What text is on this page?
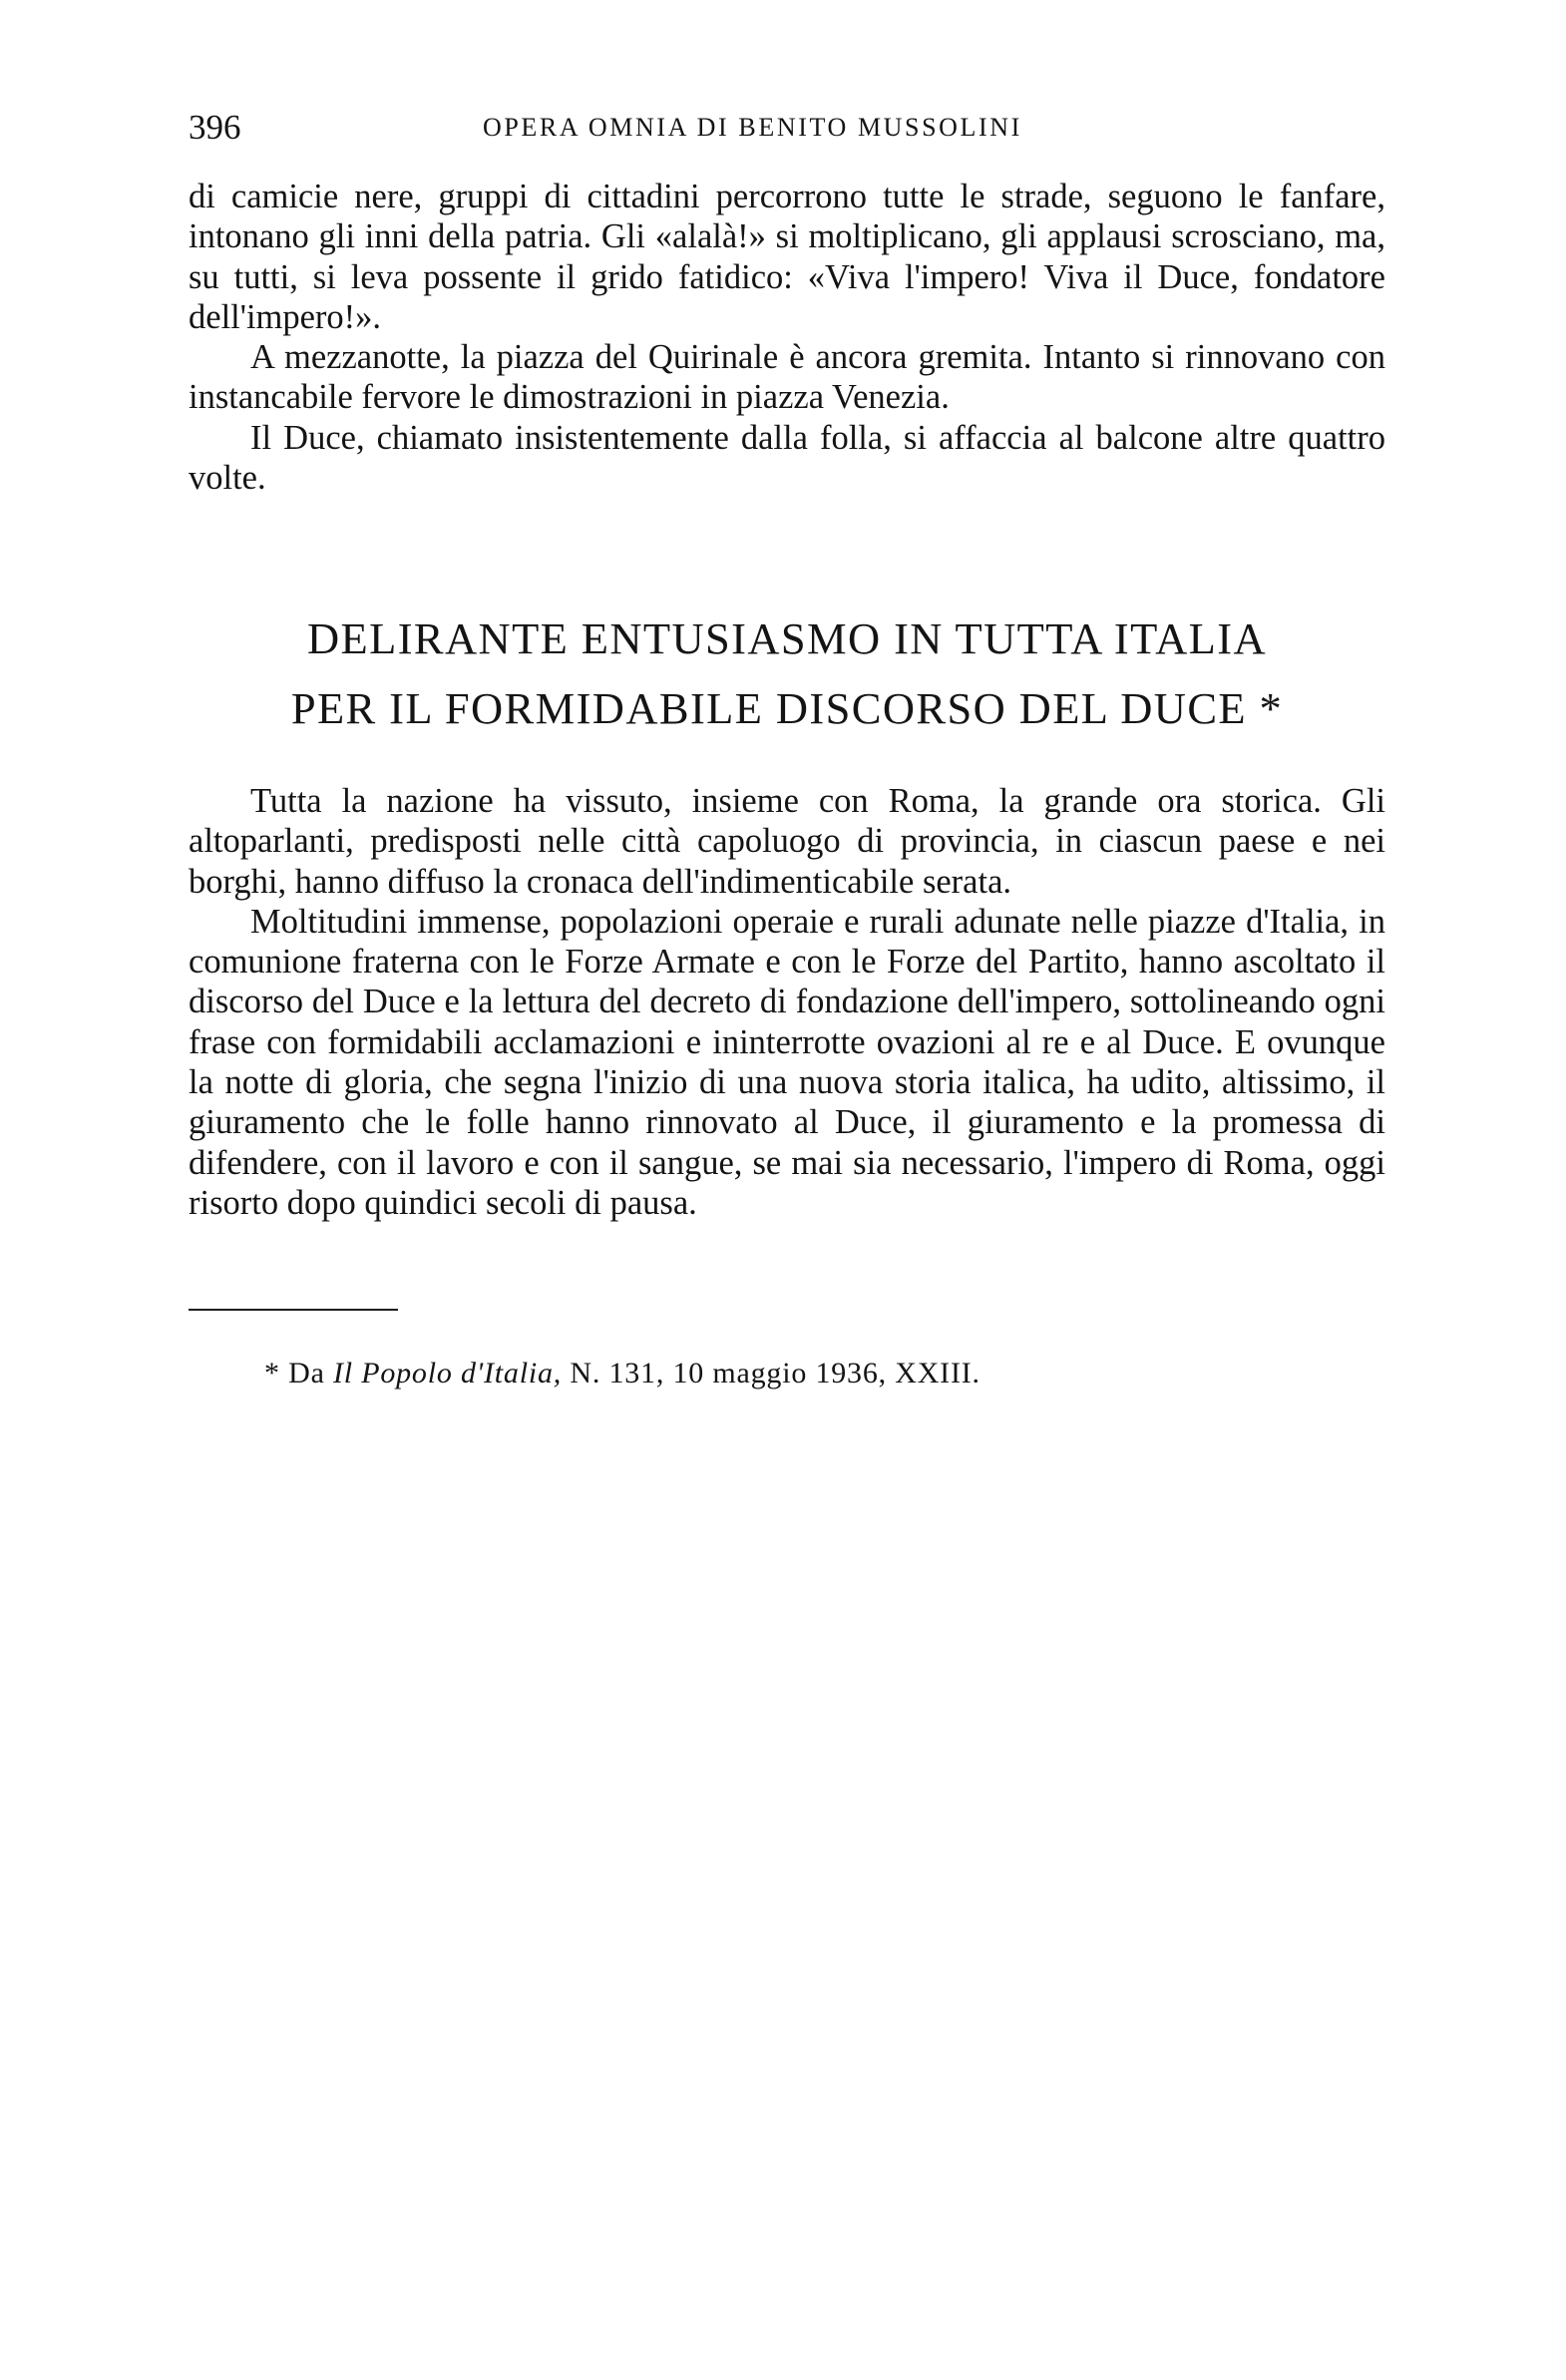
396	OPERA OMNIA DI BENITO MUSSOLINI

di camicie nere, gruppi di cittadini percorrono tutte le strade, seguono le fanfare, intonano gli inni della patria. Gli «alalà!» si moltiplicano, gli applausi scrosciano, ma, su tutti, si leva possente il grido fatidico: «Viva l'impero! Viva il Duce, fondatore dell'impero!».

A mezzanotte, la piazza del Quirinale è ancora gremita. Intanto si rinnovano con instancabile fervore le dimostrazioni in piazza Venezia.

Il Duce, chiamato insistentemente dalla folla, si affaccia al balcone altre quattro volte.

DELIRANTE ENTUSIASMO IN TUTTA ITALIA
PER IL FORMIDABILE DISCORSO DEL DUCE *

Tutta la nazione ha vissuto, insieme con Roma, la grande ora storica. Gli altoparlanti, predisposti nelle città capoluogo di provincia, in ciascun paese e nei borghi, hanno diffuso la cronaca dell'indimenticabile serata.

Moltitudini immense, popolazioni operaie e rurali adunate nelle piazze d'Italia, in comunione fraterna con le Forze Armate e con le Forze del Partito, hanno ascoltato il discorso del Duce e la lettura del decreto di fondazione dell'impero, sottolineando ogni frase con formidabili acclamazioni e ininterrotte ovazioni al re e al Duce. E ovunque la notte di gloria, che segna l'inizio di una nuova storia italica, ha udito, altissimo, il giuramento che le folle hanno rinnovato al Duce, il giuramento e la promessa di difendere, con il lavoro e con il sangue, se mai sia necessario, l'impero di Roma, oggi risorto dopo quindici secoli di pausa.

* Da Il Popolo d'Italia, N. 131, 10 maggio 1936, XXIII.
